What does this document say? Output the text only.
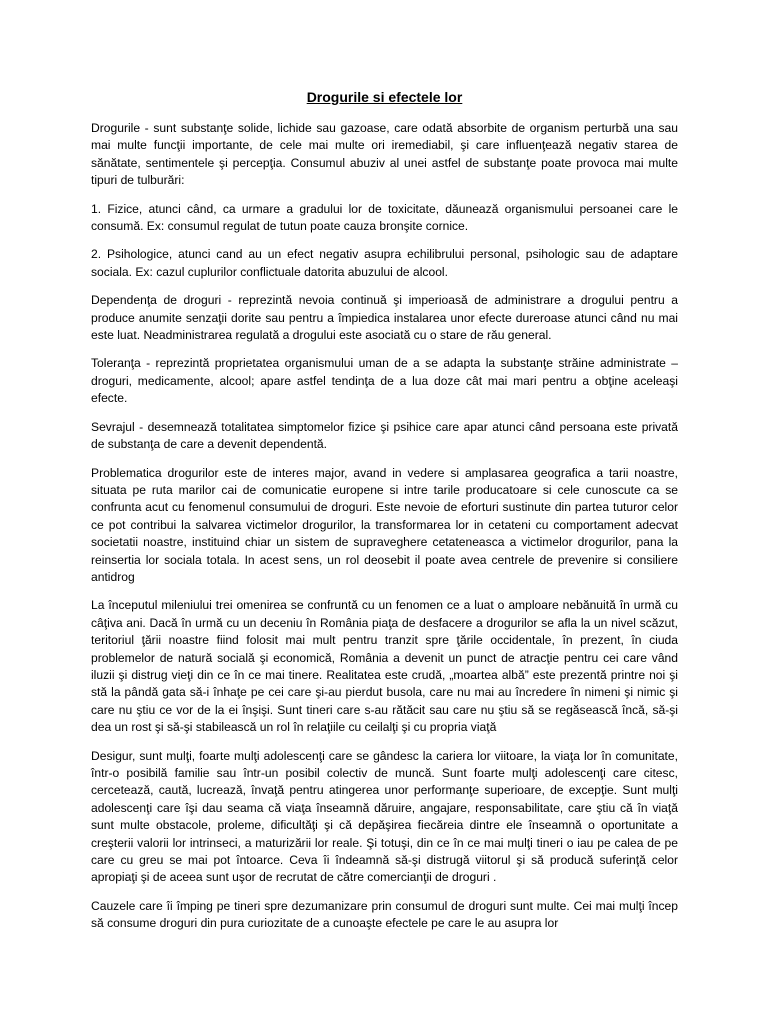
Drogurile si efectele lor

Drogurile - sunt substanţe solide, lichide sau gazoase, care odată absorbite de organism perturbă una sau mai multe funcţii importante, de cele mai multe ori iremediabil, şi care influenţează negativ starea de sănătate, sentimentele şi percepţia. Consumul abuziv al unei astfel de substanţe poate provoca mai multe tipuri de tulburări:

1. Fizice, atunci când, ca urmare a gradului lor de toxicitate, dăunează organismului persoanei care le consumă. Ex: consumul regulat de tutun poate cauza bronşite cornice.

2. Psihologice, atunci cand au un efect negativ asupra echilibrului personal, psihologic sau de adaptare sociala. Ex: cazul cuplurilor conflictuale datorita abuzului de alcool.

Dependenţa de droguri - reprezintă nevoia continuă şi imperioasă de administrare a drogului pentru a produce anumite senzaţii dorite sau pentru a împiedica instalarea unor efecte dureroase atunci când nu mai este luat. Neadministrarea regulată a drogului este asociată cu o stare de rău general.

Toleranţa - reprezintă proprietatea organismului uman de a se adapta la substanţe străine administrate – droguri, medicamente, alcool; apare astfel tendinţa de a lua doze cât mai mari pentru a obţine aceleaşi efecte.

Sevrajul - desemnează totalitatea simptomelor fizice şi psihice care apar atunci când persoana este privată de substanţa de care a devenit dependentă.

Problematica drogurilor este de interes major, avand in vedere si amplasarea geografica a tarii noastre, situata pe ruta marilor cai de comunicatie europene si intre tarile producatoare si cele cunoscute ca se confrunta acut cu fenomenul consumului de droguri. Este nevoie de eforturi sustinute din partea tuturor celor ce pot contribui la salvarea victimelor drogurilor, la transformarea lor in cetateni cu comportament adecvat societatii noastre, instituind chiar un sistem de supraveghere cetateneasca a victimelor drogurilor, pana la reinsertia lor sociala totala. In acest sens, un rol deosebit il poate avea centrele de prevenire si consiliere antidrog

La începutul mileniului trei omenirea se confruntă cu un fenomen ce a luat o amploare nebănuită în urmă cu câţiva ani. Dacă în urmă cu un deceniu în România piaţa de desfacere a drogurilor se afla la un nivel scăzut, teritoriul ţării noastre fiind folosit mai mult pentru tranzit spre ţările occidentale, în prezent, în ciuda problemelor de natură socială şi economică, România a devenit un punct de atracţie pentru cei care vând iluzii şi distrug vieţi din ce în ce mai tinere. Realitatea este crudă, „moartea albă” este prezentă printre noi şi stă la pândă gata să-i înhaţe pe cei care şi-au pierdut busola, care nu mai au încredere în nimeni şi nimic şi care nu ştiu ce vor de la ei înşişi. Sunt tineri care s-au rătăcit sau care nu ştiu să se regăsească încă, să-şi dea un rost şi să-şi stabilească un rol în relaţiile cu ceilalţi şi cu propria viaţă

Desigur, sunt mulţi, foarte mulţi adolescenţi care se gândesc la cariera lor viitoare, la viaţa lor în comunitate, într-o posibilă familie sau într-un posibil colectiv de muncă. Sunt foarte mulţi adolescenţi care citesc, cercetează, caută, lucrează, învaţă pentru atingerea unor performanţe superioare, de excepţie. Sunt mulţi adolescenţi care îşi dau seama că viaţa înseamnă dăruire, angajare, responsabilitate, care ştiu că în viaţă sunt multe obstacole, proleme, dificultăţi şi că depăşirea fiecăreia dintre ele înseamnă o oportunitate a creşterii valorii lor intrinseci, a maturizării lor reale. Şi totuşi, din ce în ce mai mulţi tineri o iau pe calea de pe care cu greu se mai pot întoarce. Ceva îi îndeamnă să-şi distrugă viitorul şi să producă suferinţă celor apropiaţi şi de aceea sunt uşor de recrutat de către comercianţii de droguri .

Cauzele care îi împing pe tineri spre dezumanizare prin consumul de droguri sunt multe. Cei mai mulţi încep să consume droguri din pura curiozitate de a cunoaşte efectele pe care le au asupra lor
